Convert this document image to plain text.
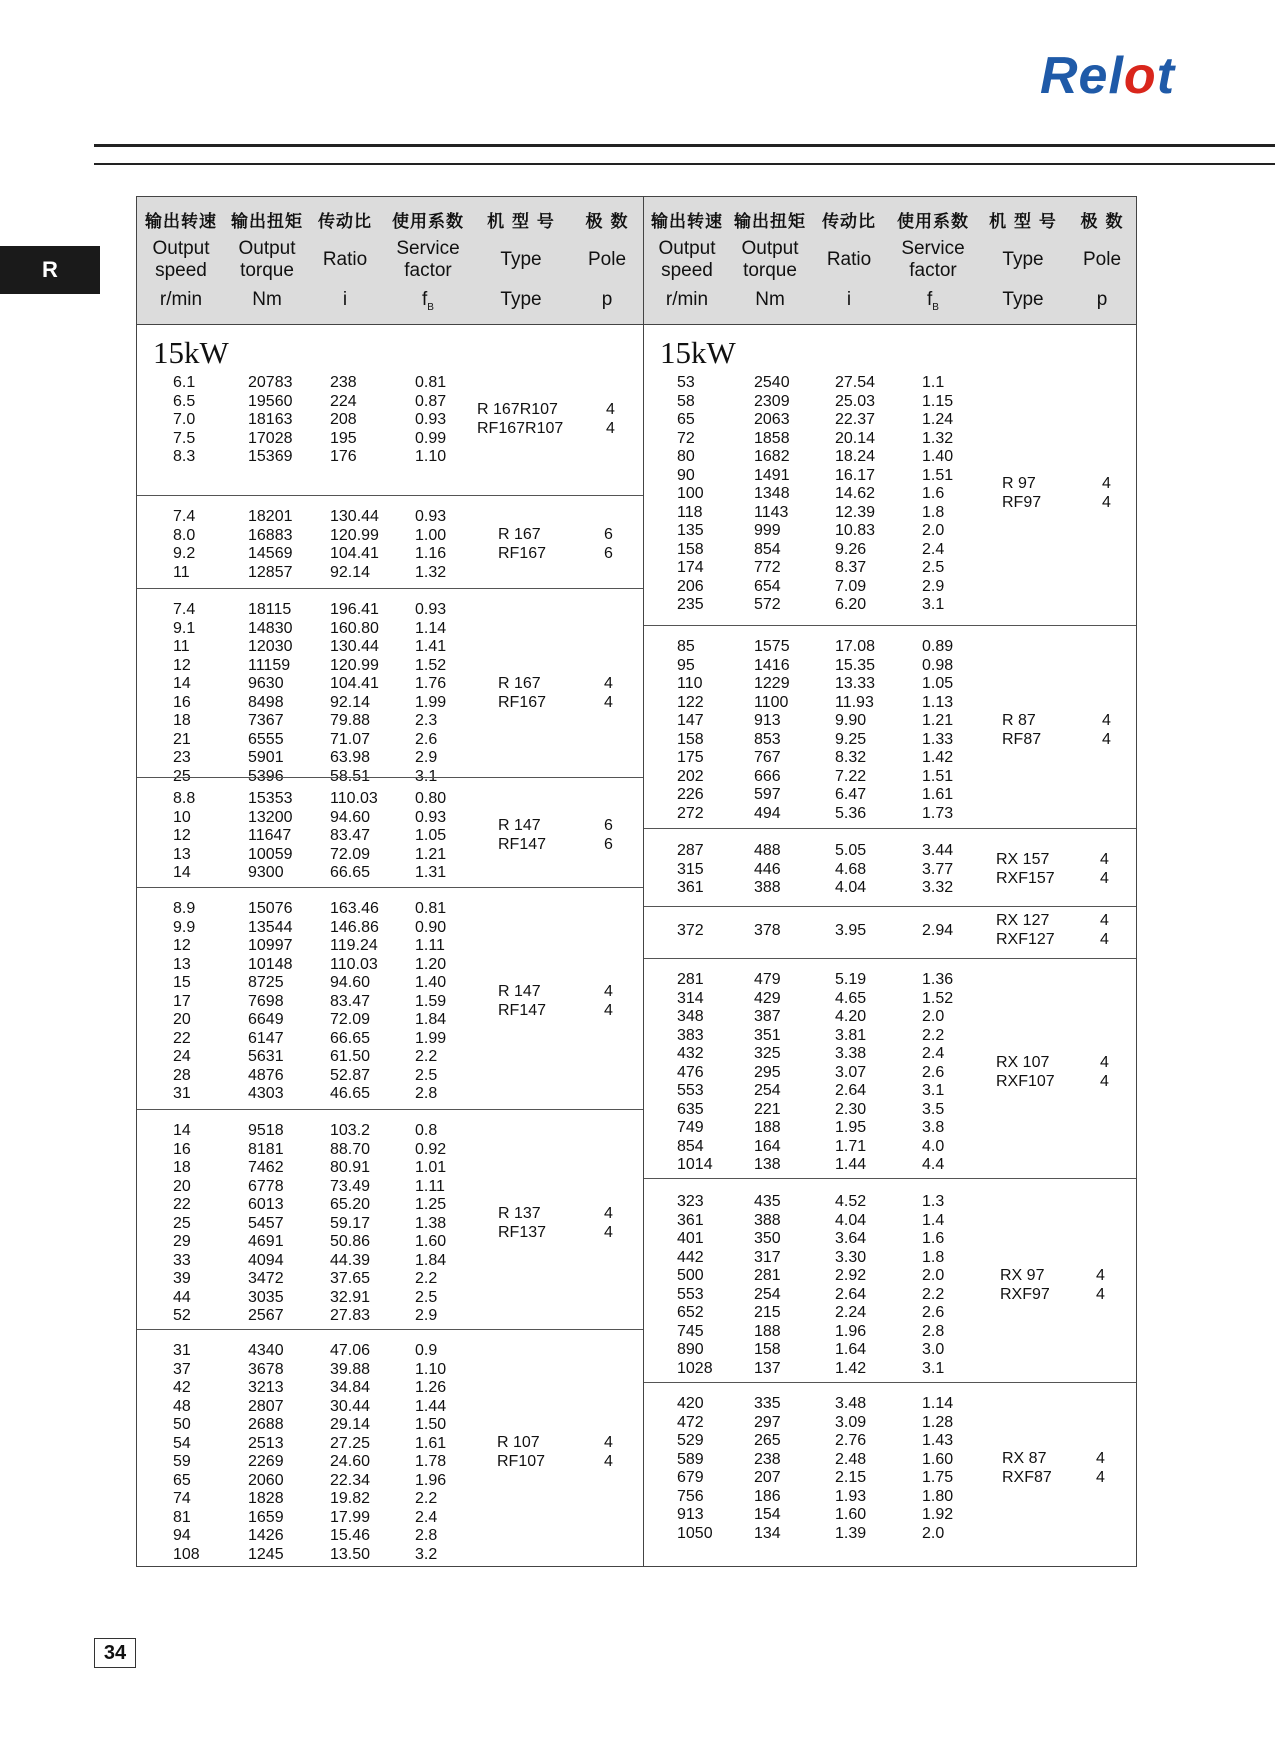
Relot
R
输出转速
Output speed
r/min
输出扭矩
Output torque
Nm
传动比
Ratio
i
使用系数
Service factor
$f_B$
机 型 号
Type
Type
极 数
Pole
p
15kW
6.1	20783 238	0.81
6.5	19560 224	0.87
7.0	18163 208	0.93
7.5	17028 195	0.99
8.3	15369 176	1.10
R 167R107	4
RF167R107	4
7.4	18201 130.44 0.93
8.0	16883 120.99 1.00
9.2	14569 104.41 1.16
11	12857 92.14	1.32
R 167	6
RF167	6
7.4	18115 196.41 0.93
9.1	14830 160.80 1.14
11	12030 130.44 1.41
12	11159 120.99 1.52
14	9630	104.41 1.76
16	8498	92.14	1.99
18	7367	79.88	2.3
21	6555	71.07	2.6
23	5901	63.98	2.9
25	5396	58.51	3.1
R 167	4
RF167	4
8.8	15353 110.03 0.80
10	13200 94.60	0.93
12	11647 83.47	1.05
13	10059 72.09	1.21
14	9300	66.65	1.31
R 147	6
RF147	6
8.9	15076 163.46 0.81
9.9	13544 146.86 0.90
12	10997 119.24 1.11
13	10148 110.03 1.20
15	8725	94.60	1.40
17	7698	83.47	1.59
20	6649	72.09	1.84
22	6147	66.65	1.99
24	5631	61.50	2.2
28	4876	52.87	2.5
31	4303	46.65	2.8
R 147	4
RF147	4
14	9518	103.2	0.8
16	8181	88.70	0.92
18	7462	80.91	1.01
20	6778	73.49	1.11
22	6013	65.20	1.25
25	5457	59.17	1.38
29	4691	50.86	1.60
33	4094	44.39	1.84
39	3472	37.65	2.2
44	3035	32.91	2.5
52	2567	27.83	2.9
R 137	4
RF137	4
31	4340	47.06	0.9
37	3678	39.88	1.10
42	3213	34.84	1.26
48	2807	30.44	1.44
50	2688	29.14	1.50
54	2513	27.25	1.61
59	2269	24.60	1.78
65	2060	22.34	1.96
74	1828	19.82	2.2
81	1659	17.99	2.4
94	1426	15.46	2.8
108	1245	13.50	3.2
R 107	4
RF107	4
输出转速
Output speed
r/min
输出扭矩
Output torque
Nm
传动比
Ratio
i
使用系数
Service factor
$f_B$
机 型 号
Type
Type
极 数
Pole
p
15kW
53	2540	27.54	1.1
58	2309	25.03	1.15
65	2063	22.37	1.24
72	1858	20.14	1.32
80	1682	18.24	1.40
90	1491	16.17	1.51
100	1348	14.62	1.6
118	1143	12.39	1.8
135	999	10.83	2.0
158	854	9.26	2.4
174	772	8.37	2.5
206	654	7.09	2.9
235	572	6.20	3.1
R 97	4
RF97	4
85	1575	17.08	0.89
95	1416	15.35	0.98
110	1229	13.33	1.05
122	1100	11.93	1.13
147	913	9.90	1.21
158	853	9.25	1.33
175	767	8.32	1.42
202	666	7.22	1.51
226	597	6.47	1.61
272	494	5.36	1.73
R 87	4
RF87	4
287	488	5.05	3.44
315	446	4.68	3.77
361	388	4.04	3.32
RX 157	4
RXF157	4
372	378	3.95	2.94
RX 127	4
RXF127	4
281	479	5.19	1.36
314	429	4.65	1.52
348	387	4.20	2.0
383	351	3.81	2.2
432	325	3.38	2.4
476	295	3.07	2.6
553	254	2.64	3.1
635	221	2.30	3.5
749	188	1.95	3.8
854	164	1.71	4.0
1014	138	1.44	4.4
RX 107	4
RXF107	4
323	435	4.52	1.3
361	388	4.04	1.4
401	350	3.64	1.6
442	317	3.30	1.8
500	281	2.92	2.0
553	254	2.64	2.2
652	215	2.24	2.6
745	188	1.96	2.8
890	158	1.64	3.0
1028	137	1.42	3.1
RX 97	4
RXF97	4
420	335	3.48	1.14
472	297	3.09	1.28
529	265	2.76	1.43
589	238	2.48	1.60
679	207	2.15	1.75
756	186	1.93	1.80
913	154	1.60	1.92
1050	134	1.39	2.0
RX 87	4
RXF87	4
34
